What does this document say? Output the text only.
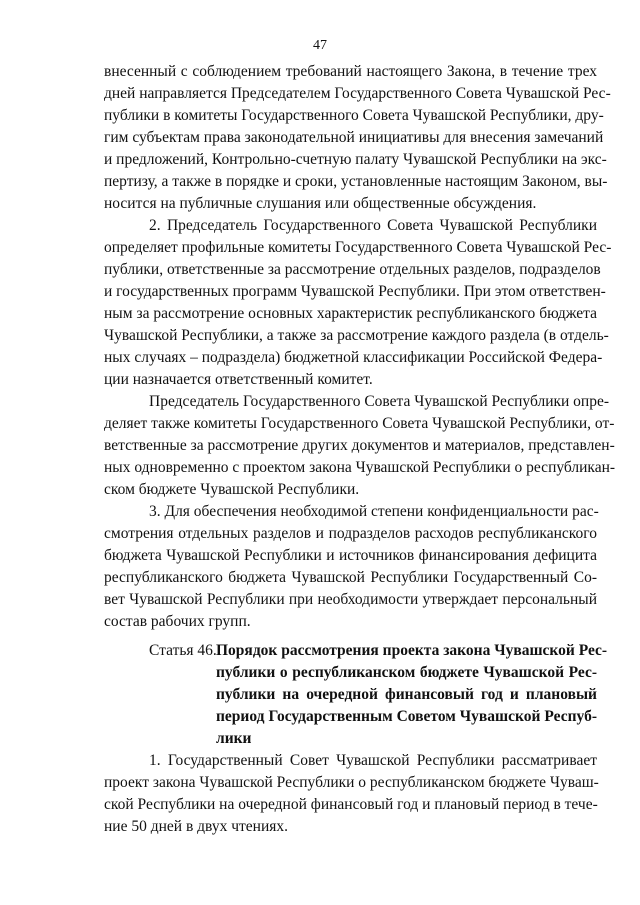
47
внесенный с соблюдением требований настоящего Закона, в течение трех
дней направляется Председателем Государственного Совета Чувашской Рес-
публики в комитеты Государственного Совета Чувашской Республики, дру-
гим субъектам права законодательной инициативы для внесения замечаний
и предложений, Контрольно-счетную палату Чувашской Республики на экс-
пертизу, а также в порядке и сроки, установленные настоящим Законом, вы-
носится на публичные слушания или общественные обсуждения.
2. Председатель Государственного Совета Чувашской Республики
определяет профильные комитеты Государственного Совета Чувашской Рес-
публики, ответственные за рассмотрение отдельных разделов, подразделов
и государственных программ Чувашской Республики. При этом ответствен-
ным за рассмотрение основных характеристик республиканского бюджета
Чувашской Республики, а также за рассмотрение каждого раздела (в отдель-
ных случаях – подраздела) бюджетной классификации Российской Федера-
ции назначается ответственный комитет.
Председатель Государственного Совета Чувашской Республики опре-
деляет также комитеты Государственного Совета Чувашской Республики, от-
ветственные за рассмотрение других документов и материалов, представлен-
ных одновременно с проектом закона Чувашской Республики о республикан-
ском бюджете Чувашской Республики.
3. Для обеспечения необходимой степени конфиденциальности рас-
смотрения отдельных разделов и подразделов расходов республиканского
бюджета Чувашской Республики и источников финансирования дефицита
республиканского бюджета Чувашской Республики Государственный Со-
вет Чувашской Республики при необходимости утверждает персональный
состав рабочих групп.
Статья 46. Порядок рассмотрения проекта закона Чувашской Рес-
публики о республиканском бюджете Чувашской Рес-
публики на очередной финансовый год и плановый
период Государственным Советом Чувашской Респуб-
лики
1. Государственный Совет Чувашской Республики рассматривает
проект закона Чувашской Республики о республиканском бюджете Чуваш-
ской Республики на очередной финансовый год и плановый период в тече-
ние 50 дней в двух чтениях.
